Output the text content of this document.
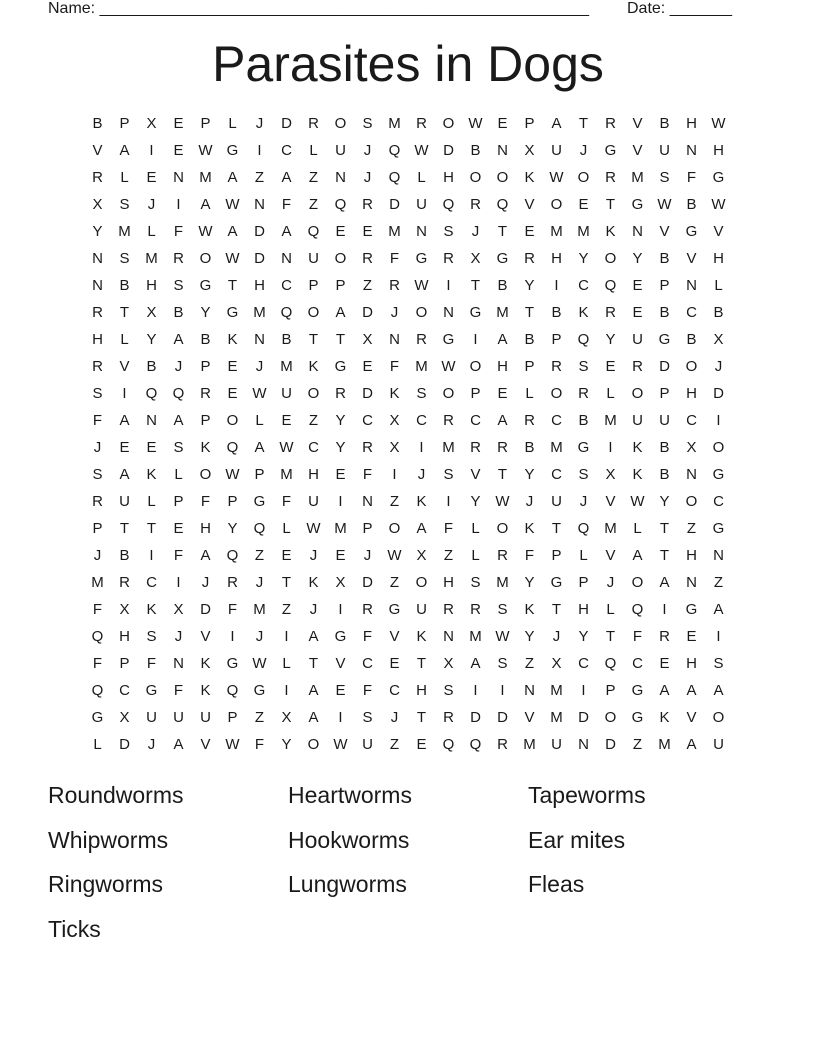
Name: _______________________________________________________ Date: _______
Parasites in Dogs
B	P	X	E	P	L	J	D	R	O	S	M	R	O W E	P	A	T	R	V	B	H W
V	A	I	E W G	I	C	L	U	J	Q W D	B	N	X	U	J	G	V	U	N	H
R	L	E	N	M	A	Z	A	Z	N	J	Q	L	H	O	O	K W O	R	M	S	F	G
X	S	J	I	A W N	F	Z	Q	R	D	U	Q	R	Q	V	O	E	T	G W B W
Y	M	L	F	W A	D	A	Q	E	E	M	N	S	J	T	E	M M	K	N	V	G	V
N	S	M	R	O W D	N	U	O	R	F	G	R	X	G	R	H	Y	O	Y	B	V	H
N	B	H	S	G	T	H	C	P	P	Z	R W	I	T	B	Y	I	C	Q	E	P	N	L
R	T	X	B	Y	G M Q	O	A	D	J	O	N	G M	T	B	K	R	E	B	C	B
H	L	Y	A	B	K	N	B	T	T	X	N	R	G	I	A	B	P	Q	Y	U	G	B	X
R	V	B	J	P	E	J	M	K	G	E	F	M W O	H	P	R	S	E	R	D	O	J
S	I	Q	Q	R	E W U	O	R	D	K	S	O	P	E	L	O	R	L	O	P	H	D
F	A	N	A	P	O	L	E	Z	Y	C	X	C	R	C	A	R	C	B	M	U	U	C	I
J	E	E	S	K	Q	A W C	Y	R	X	I	M	R	R	B	M G	I	K	B	X	O
S	A	K	L	O W P	M	H	E	F	I	J	S	V	T	Y	C	S	X	K	B	N	G
R	U	L	P	F	P	G	F	U	I	N	Z	K	I	Y W	J	U	J	V W Y	O	C
P	T	T	E	H	Y	Q	L	W M	P	O	A	F	L	O	K	T	Q M	L	T	Z	G
J	B	I	F	A	Q	Z	E	J	E	J	W X	Z	L	R	F	P	L	V	A	T	H	N
M	R	C	I	J	R	J	T	K	X	D	Z	O	H	S	M	Y	G	P	J	O	A	N	Z
F	X	K	X	D	F	M	Z	J	I	R	G	U	R	R	S	K	T	H	L	Q	I	G	A
Q	H	S	J	V	I	J	I	A	G	F	V	K	N	M W Y	J	Y	T	F	R	E	I
F	P	F	N	K	G W	L	T	V	C	E	T	X	A	S	Z	X	C	Q	C	E	H	S
Q	C	G	F	K	Q	G	I	A	E	F	C	H	S	I	I	N	M	I	P	G	A	A	A
G	X	U	U	U	P	Z	X	A	I	S	J	T	R	D	D	V	M	D	O	G	K	V	O
L	D	J	A	V W	F	Y	O W U	Z	E	Q	Q	R	M	U	N	D	Z	M	A	U
Roundworms	Heartworms	Tapeworms
Whipworms	Hookworms	Ear mites
Ringworms	Lungworms	Fleas
Ticks
